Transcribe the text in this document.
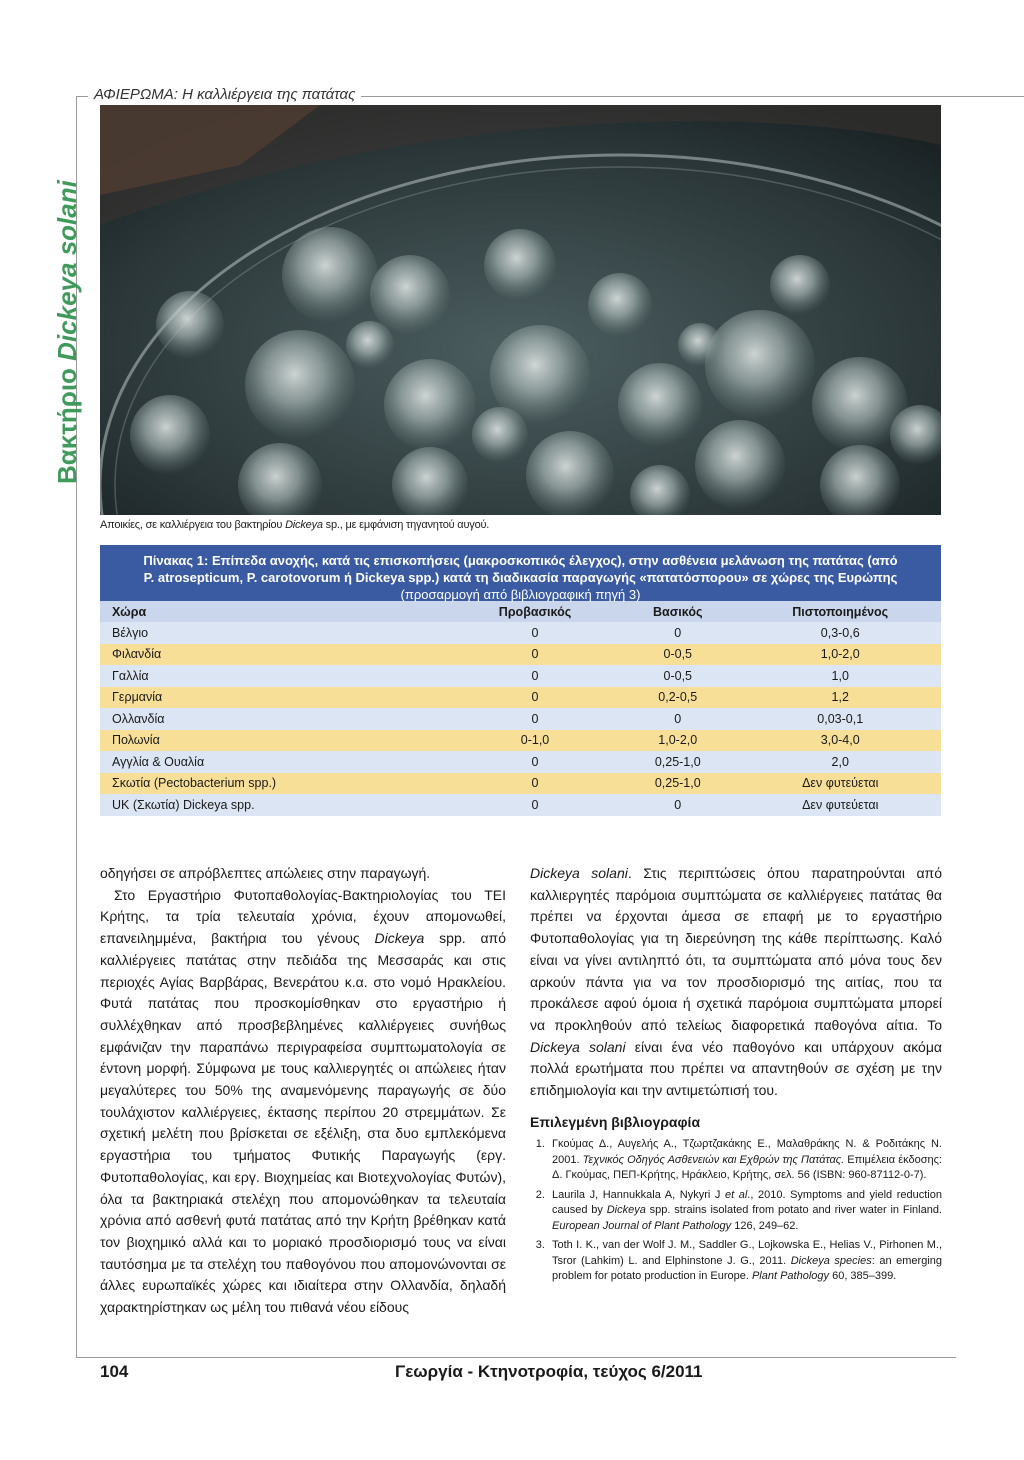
ΑΦΙΕΡΩΜΑ: Η καλλιέργεια της πατάτας
Βακτήριο Dickeya solani
Αποικίες, σε καλλιέργεια του βακτηρίου Dickeya sp., με εμφάνιση τηγανητού αυγού.
Πίνακας 1: Επίπεδα ανοχής, κατά τις επισκοπήσεις (μακροσκοπικός έλεγχος), στην ασθένεια μελάνωση της πατάτας (από
P. atrosepticum, P. carotovorum ή Dickeya spp.) κατά τη διαδικασία παραγωγής «πατατόσπορου» σε χώρες της Ευρώπης
(προσαρμογή από βιβλιογραφική πηγή 3)
Χώρα	Προβασικός	Βασικός	Πιστοποιημένος
Βέλγιο	0	0	0,3-0,6
Φιλανδία	0	0-0,5	1,0-2,0
Γαλλία	0	0-0,5	1,0
Γερμανία	0	0,2-0,5	1,2
Ολλανδία	0	0	0,03-0,1
Πολωνία	0-1,0	1,0-2,0	3,0-4,0
Αγγλία & Ουαλία	0	0,25-1,0	2,0
Σκωτία (Pectobacterium spp.)	0	0,25-1,0	Δεν φυτεύεται
UK (Σκωτία) Dickeya spp.	0	0	Δεν φυτεύεται

οδηγήσει σε απρόβλεπτες απώλειες στην παραγωγή.

Στο Εργαστήριο Φυτοπαθολογίας-Βακτηριολογίας του ΤΕΙ Κρήτης, τα τρία τελευταία χρόνια, έχουν απομονωθεί, επανειλημμένα, βακτήρια του γένους Dickeya spp. από καλλιέργειες πατάτας στην πεδιάδα της Μεσσαράς και στις περιοχές Αγίας Βαρβάρας, Βενεράτου κ.α. στο νομό Ηρακλείου. Φυτά πατάτας που προσκομίσθηκαν στο εργαστήριο ή συλλέχθηκαν από προσβεβλημένες καλλιέργειες συνήθως εμφάνιζαν την παραπάνω περιγραφείσα συμπτωματολογία σε έντονη μορφή. Σύμφωνα με τους καλλιεργητές οι απώλειες ήταν μεγαλύτερες του 50% της αναμενόμενης παραγωγής σε δύο τουλάχιστον καλλιέργειες, έκτασης περίπου 20 στρεμμάτων. Σε σχετική μελέτη που βρίσκεται σε εξέλιξη, στα δυο εμπλεκόμενα εργαστήρια του τμήματος Φυτικής Παραγωγής (εργ. Φυτοπαθολογίας, και εργ. Βιοχημείας και Βιοτεχνολογίας Φυτών), όλα τα βακτηριακά στελέχη που απομονώθηκαν τα τελευταία χρόνια από ασθενή φυτά πατάτας από την Κρήτη βρέθηκαν κατά τον βιοχημικό αλλά και το μοριακό προσδιορισμό τους να είναι ταυτόσημα με τα στελέχη του παθογόνου που απομονώνονται σε άλλες ευρωπαϊκές χώρες και ιδιαίτερα στην Ολλανδία, δηλαδή χαρακτηρίστηκαν ως μέλη του πιθανά νέου είδους

Dickeya solani. Στις περιπτώσεις όπου παρατηρούνται από καλλιεργητές παρόμοια συμπτώματα σε καλλιέργειες πατάτας θα πρέπει να έρχονται άμεσα σε επαφή με το εργαστήριο Φυτοπαθολογίας για τη διερεύνηση της κάθε περίπτωσης. Καλό είναι να γίνει αντιληπτό ότι, τα συμπτώματα από μόνα τους δεν αρκούν πάντα για να τον προσδιορισμό της αιτίας, που τα προκάλεσε αφού όμοια ή σχετικά παρόμοια συμπτώματα μπορεί να προκληθούν από τελείως διαφορετικά παθογόνα αίτια. Το Dickeya solani είναι ένα νέο παθογόνο και υπάρχουν ακόμα πολλά ερωτήματα που πρέπει να απαντηθούν σε σχέση με την επιδημιολογία και την αντιμετώπισή του.

Επιλεγμένη βιβλιογραφία
1. Γκούμας Δ., Αυγελής Α., Τζωρτζακάκης Ε., Μαλαθράκης Ν. & Ροδιτάκης Ν. 2001. Τεχνικός Οδηγός Ασθενειών και Εχθρών της Πατάτας. Επιμέλεια έκδοσης: Δ. Γκούμας, ΠΕΠ-Κρήτης, Ηράκλειο, Κρήτης, σελ. 56 (ISBN: 960-87112-0-7).
2. Laurila J, Hannukkala A, Nykyri J et al., 2010. Symptoms and yield reduction caused by Dickeya spp. strains isolated from potato and river water in Finland. European Journal of Plant Pathology 126, 249–62.
3. Toth I. K., van der Wolf J. M., Saddler G., Lojkowska E., Helias V., Pirhonen M., Tsror (Lahkim) L. and Elphinstone J. G., 2011. Dickeya species: an emerging problem for potato production in Europe. Plant Pathology 60, 385–399.
104	Γεωργία - Κτηνοτροφία, τεύχος 6/2011
